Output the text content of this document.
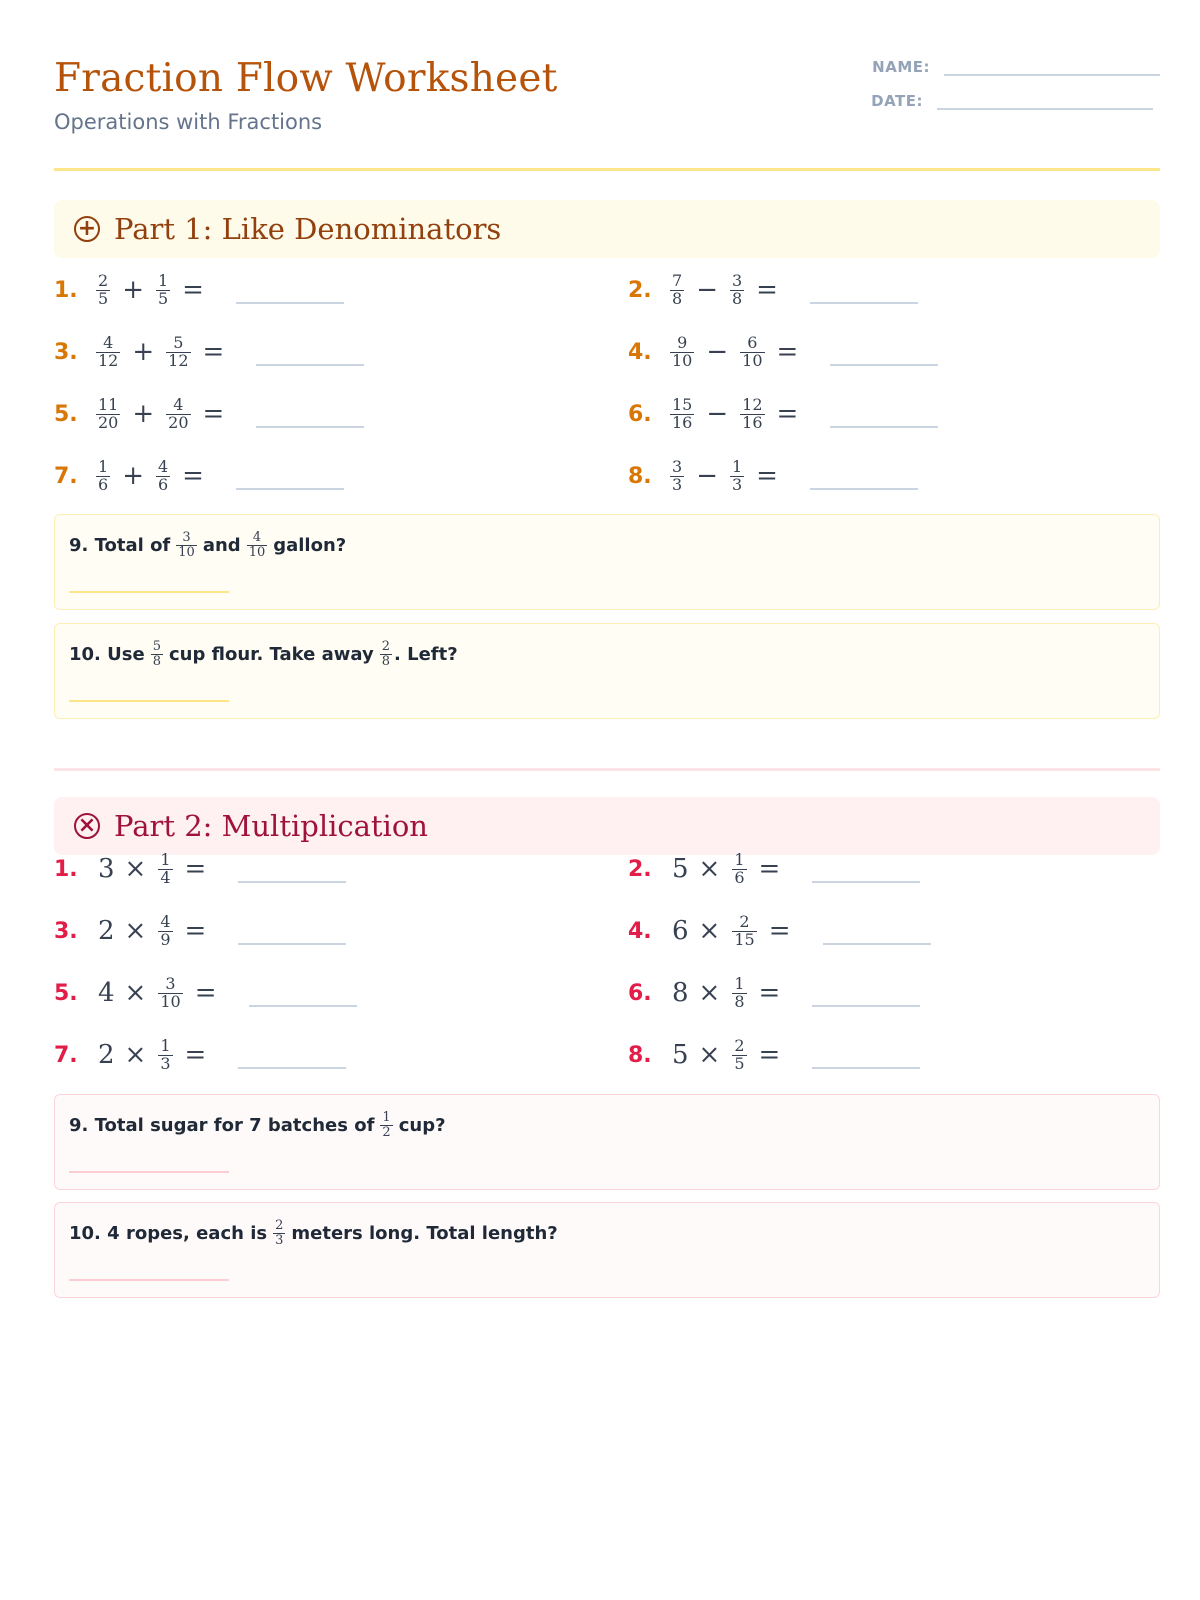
Fraction Flow Worksheet
Operations with Fractions
NAME:
DATE:
+ Part 1: Like Denominators
1.	$\frac{2}{5} + \frac{1}{5}$ =	2.	$\frac{7}{8} - \frac{3}{8}$ =
3.	$\frac{4}{12} + \frac{5}{12}$ =	4.	$\frac{9}{10} - \frac{6}{10}$ =
5.	$\frac{11}{20} + \frac{4}{20}$ =	6.	$\frac{15}{16} - \frac{12}{16}$ =
7.	$\frac{1}{6} + \frac{4}{6}$ =	8.	$\frac{3}{3} - \frac{1}{3}$ =
9. Total of $\frac{3}{10}$ and $\frac{4}{10}$ gallon?
10. Use $\frac{5}{8}$ cup flour. Take away $\frac{2}{8}$ . Left?
× Part 2: Multiplication
1. $3 \times \frac{1}{4}$ =	2. $5 \times \frac{1}{6}$ =
3. $2 \times \frac{4}{9}$ =	4. $6 \times \frac{2}{15}$ =
5. $4 \times \frac{3}{10}$ =	6. $8 \times \frac{1}{8}$ =
7. $2 \times \frac{1}{3}$ =	8. $5 \times \frac{2}{5}$ =
9. Total sugar for 7 batches of $\frac{1}{2}$ cup?
10. 4 ropes, each is $\frac{2}{3}$ meters long. Total length?
